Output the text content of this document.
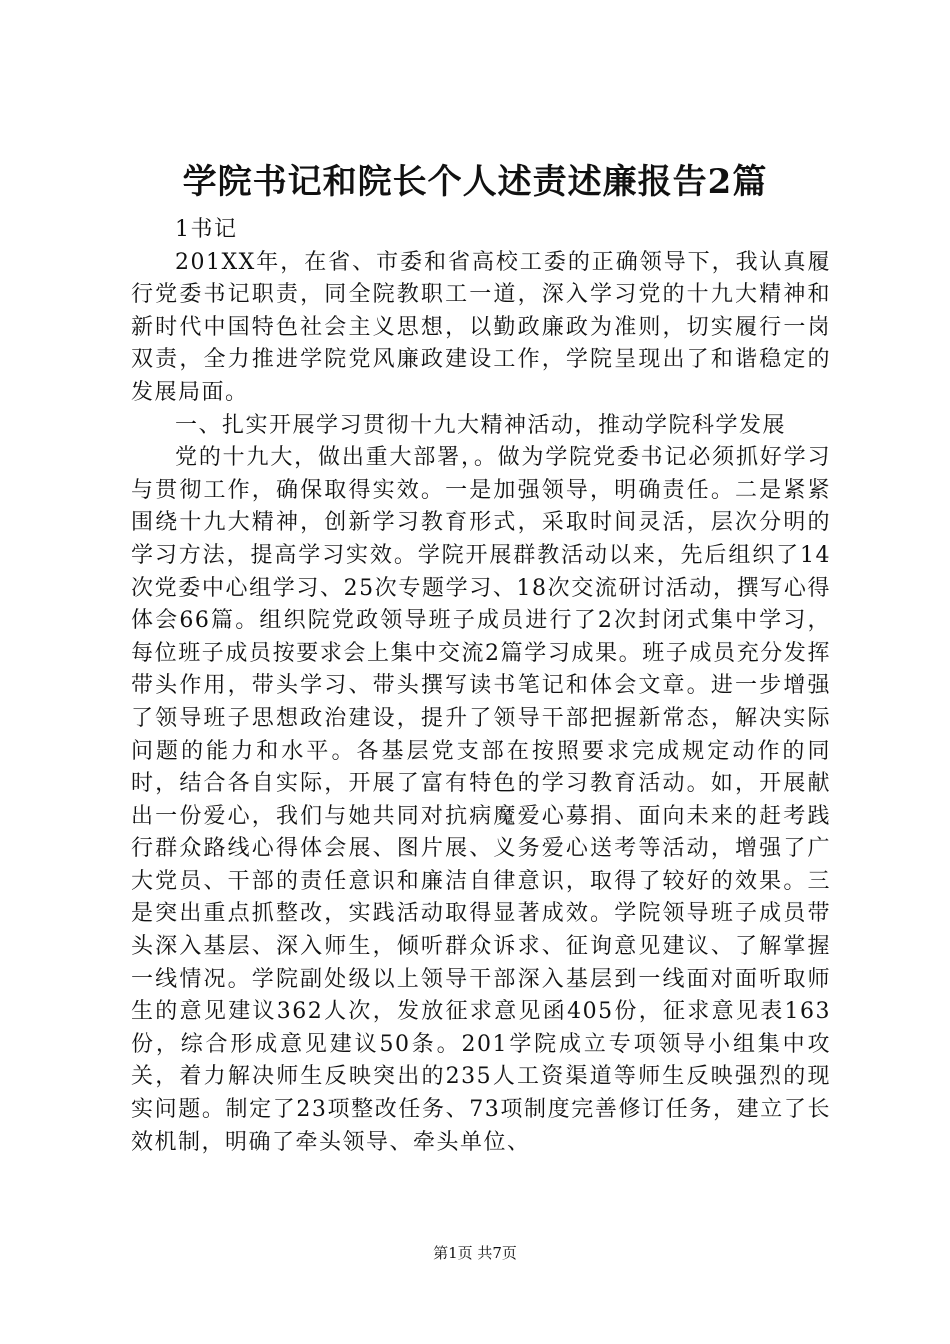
学院书记和院长个人述责述廉报告2篇

1书记

201XX年，在省、市委和省高校工委的正确领导下，我认真履行党委书记职责，同全院教职工一道，深入学习党的十九大精神和新时代中国特色社会主义思想，以勤政廉政为准则，切实履行一岗双责，全力推进学院党风廉政建设工作，学院呈现出了和谐稳定的发展局面。

一、扎实开展学习贯彻十九大精神活动，推动学院科学发展

党的十九大，做出重大部署，。做为学院党委书记必须抓好学习与贯彻工作，确保取得实效。一是加强领导，明确责任。二是紧紧围绕十九大精神，创新学习教育形式，采取时间灵活，层次分明的学习方法，提高学习实效。学院开展群教活动以来，先后组织了14次党委中心组学习、25次专题学习、18次交流研讨活动，撰写心得体会66篇。组织院党政领导班子成员进行了2次封闭式集中学习，每位班子成员按要求会上集中交流2篇学习成果。班子成员充分发挥带头作用，带头学习、带头撰写读书笔记和体会文章。进一步增强了领导班子思想政治建设，提升了领导干部把握新常态，解决实际问题的能力和水平。各基层党支部在按照要求完成规定动作的同时，结合各自实际，开展了富有特色的学习教育活动。如，开展献出一份爱心，我们与她共同对抗病魔爱心募捐、面向未来的赶考践行群众路线心得体会展、图片展、义务爱心送考等活动，增强了广大党员、干部的责任意识和廉洁自律意识，取得了较好的效果。三是突出重点抓整改，实践活动取得显著成效。学院领导班子成员带头深入基层、深入师生，倾听群众诉求、征询意见建议、了解掌握一线情况。学院副处级以上领导干部深入基层到一线面对面听取师生的意见建议362人次，发放征求意见函405份，征求意见表163份，综合形成意见建议50条。201学院成立专项领导小组集中攻关，着力解决师生反映突出的235人工资渠道等师生反映强烈的现实问题。制定了23项整改任务、73项制度完善修订任务，建立了长效机制，明确了牵头领导、牵头单位、

第1页 共7页
